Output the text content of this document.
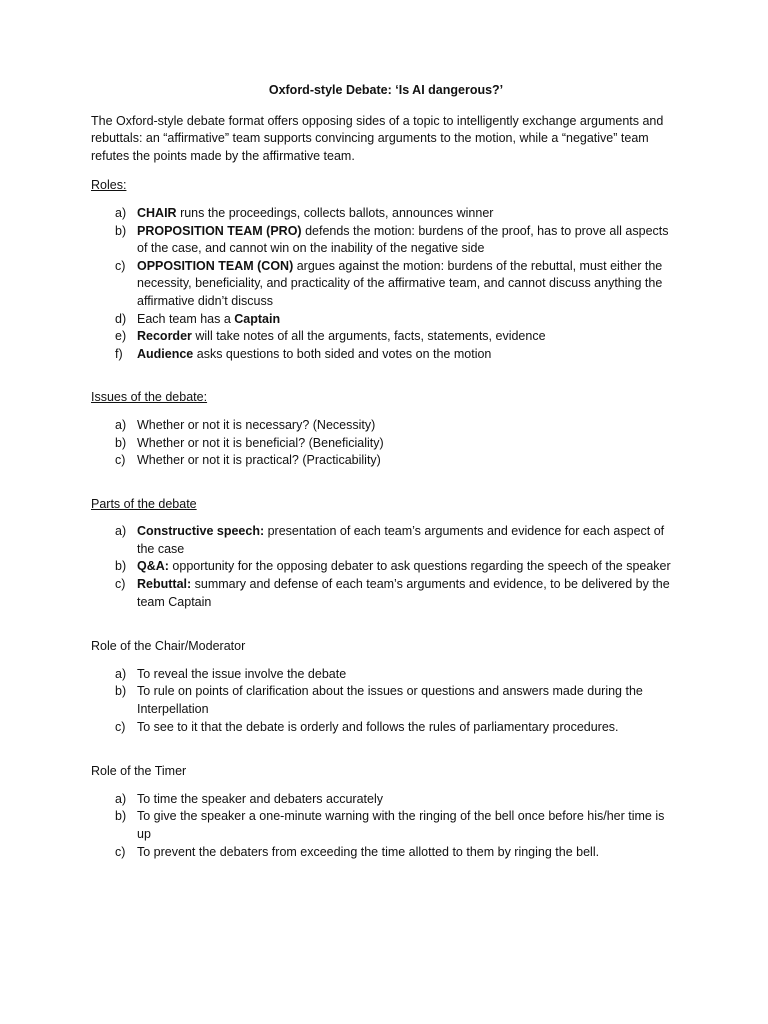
Oxford-style Debate: ‘Is AI dangerous?’
The Oxford-style debate format offers opposing sides of a topic to intelligently exchange arguments and rebuttals: an “affirmative” team supports convincing arguments to the motion, while a “negative” team refutes the points made by the affirmative team.
Roles:
a) CHAIR runs the proceedings, collects ballots, announces winner
b) PROPOSITION TEAM (PRO) defends the motion: burdens of the proof, has to prove all aspects of the case, and cannot win on the inability of the negative side
c) OPPOSITION TEAM (CON) argues against the motion: burdens of the rebuttal, must either the necessity, beneficiality, and practicality of the affirmative team, and cannot discuss anything the affirmative didn’t discuss
d) Each team has a Captain
e) Recorder will take notes of all the arguments, facts, statements, evidence
f) Audience asks questions to both sided and votes on the motion
Issues of the debate:
a) Whether or not it is necessary? (Necessity)
b) Whether or not it is beneficial? (Beneficiality)
c) Whether or not it is practical? (Practicability)
Parts of the debate
a) Constructive speech: presentation of each team’s arguments and evidence for each aspect of the case
b) Q&A: opportunity for the opposing debater to ask questions regarding the speech of the speaker
c) Rebuttal: summary and defense of each team’s arguments and evidence, to be delivered by the team Captain
Role of the Chair/Moderator
a) To reveal the issue involve the debate
b) To rule on points of clarification about the issues or questions and answers made during the Interpellation
c) To see to it that the debate is orderly and follows the rules of parliamentary procedures.
Role of the Timer
a) To time the speaker and debaters accurately
b) To give the speaker a one-minute warning with the ringing of the bell once before his/her time is up
c) To prevent the debaters from exceeding the time allotted to them by ringing the bell.
